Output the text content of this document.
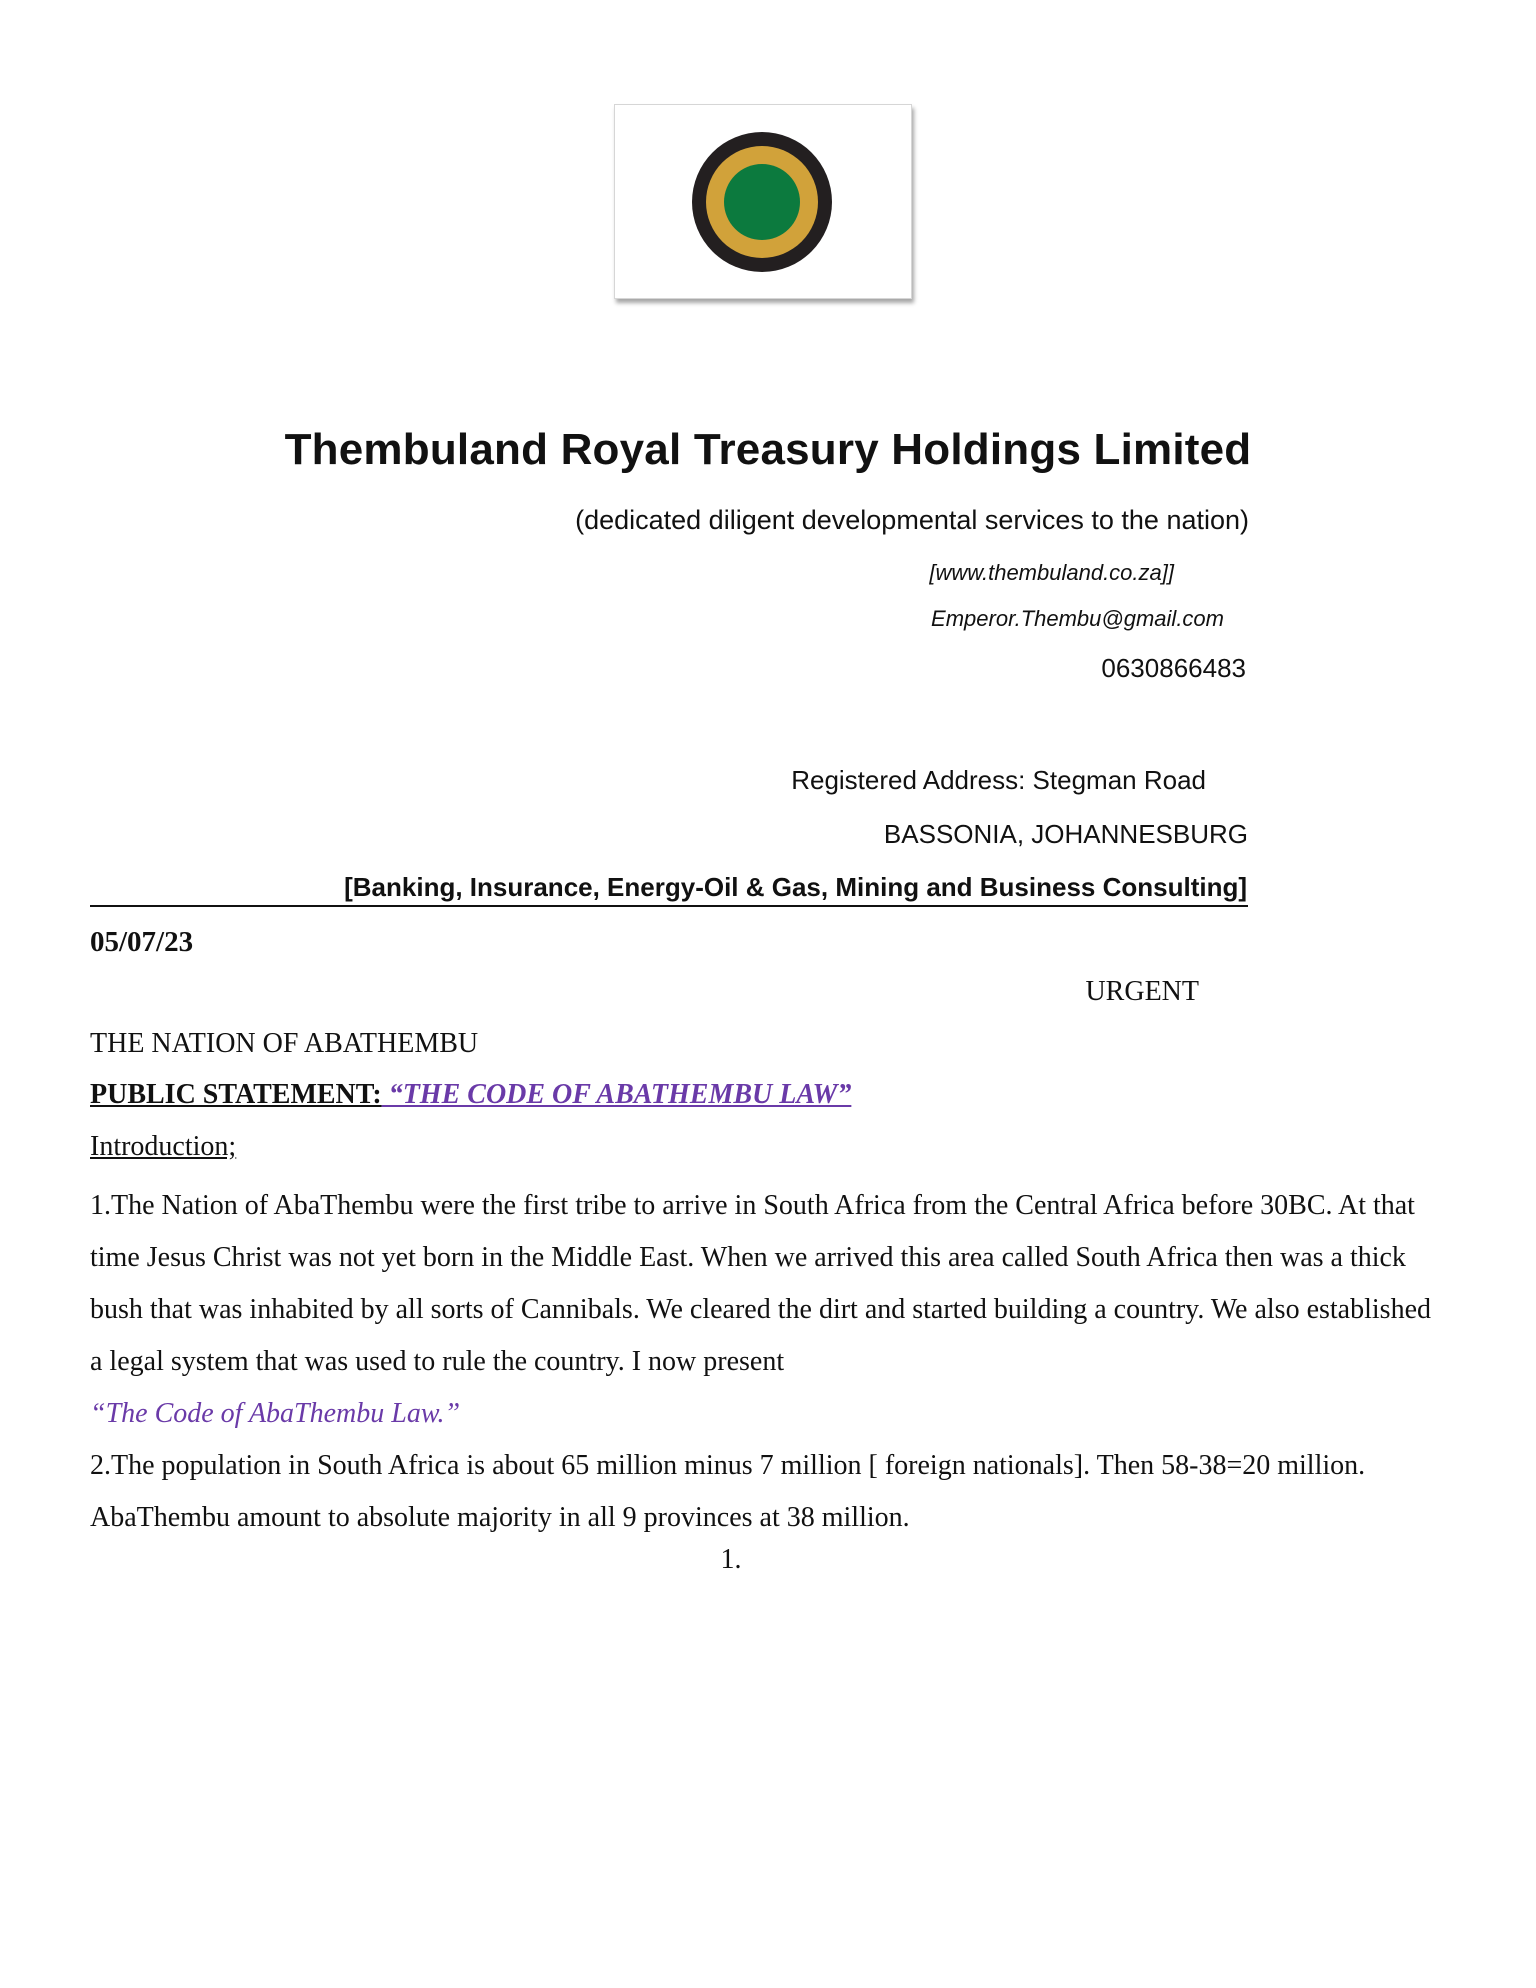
Thembuland Royal Treasury Holdings Limited
(dedicated diligent developmental services to the nation)
[www.thembuland.co.za]]
Emperor.Thembu@gmail.com
0630866483
Registered Address: Stegman Road
BASSONIA, JOHANNESBURG
[Banking, Insurance, Energy-Oil & Gas, Mining and Business Consulting]
05/07/23
URGENT
THE NATION OF ABATHEMBU
PUBLIC STATEMENT: “THE CODE OF ABATHEMBU LAW”
Introduction;

1.The Nation of AbaThembu were the first tribe to arrive in South Africa from the Central Africa before 30BC. At that time Jesus Christ was not yet born in the Middle East. When we arrived this area called South Africa then was a thick bush that was inhabited by all sorts of Cannibals. We cleared the dirt and started building a country. We also established a legal system that was used to rule the country. I now present

“The Code of AbaThembu Law.”

2.The population in South Africa is about 65 million minus 7 million [ foreign nationals]. Then 58-38=20 million. AbaThembu amount to absolute majority in all 9 provinces at 38 million.

1.
